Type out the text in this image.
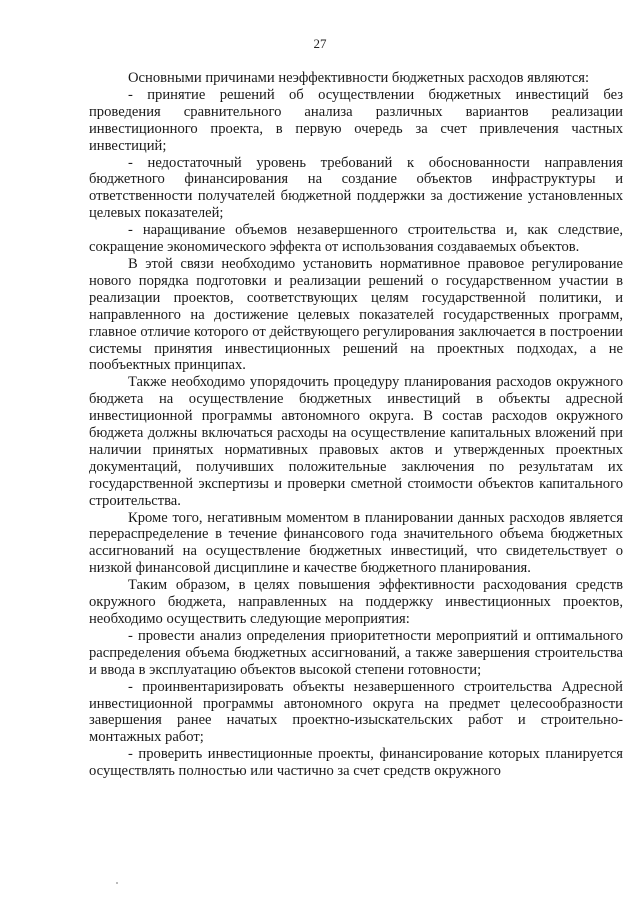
27

Основными причинами неэффективности бюджетных расходов являются:

- принятие решений об осуществлении бюджетных инвестиций без проведения сравнительного анализа различных вариантов реализации инвестиционного проекта, в первую очередь за счет привлечения частных инвестиций;

- недостаточный уровень требований к обоснованности направления бюджетного финансирования на создание объектов инфраструктуры и ответственности получателей бюджетной поддержки за достижение установленных целевых показателей;

- наращивание объемов незавершенного строительства и, как следствие, сокращение экономического эффекта от использования создаваемых объектов.

В этой связи необходимо установить нормативное правовое регулирование нового порядка подготовки и реализации решений о государственном участии в реализации проектов, соответствующих целям государственной политики, и направленного на достижение целевых показателей государственных программ, главное отличие которого от действующего регулирования заключается в построении системы принятия инвестиционных решений на проектных подходах, а не пообъектных принципах.

Также необходимо упорядочить процедуру планирования расходов окружного бюджета на осуществление бюджетных инвестиций в объекты адресной инвестиционной программы автономного округа. В состав расходов окружного бюджета должны включаться расходы на осуществление капитальных вложений при наличии принятых нормативных правовых актов и утвержденных проектных документаций, получивших положительные заключения по результатам их государственной экспертизы и проверки сметной стоимости объектов капитального строительства.

Кроме того, негативным моментом в планировании данных расходов является перераспределение в течение финансового года значительного объема бюджетных ассигнований на осуществление бюджетных инвестиций, что свидетельствует о низкой финансовой дисциплине и качестве бюджетного планирования.

Таким образом, в целях повышения эффективности расходования средств окружного бюджета, направленных на поддержку инвестиционных проектов, необходимо осуществить следующие мероприятия:

- провести анализ определения приоритетности мероприятий и оптимального распределения объема бюджетных ассигнований, а также завершения строительства и ввода в эксплуатацию объектов высокой степени готовности;

- проинвентаризировать объекты незавершенного строительства Адресной инвестиционной программы автономного округа на предмет целесообразности завершения ранее начатых проектно-изыскательских работ и строительно-монтажных работ;

- проверить инвестиционные проекты, финансирование которых планируется осуществлять полностью или частично за счет средств окружного
